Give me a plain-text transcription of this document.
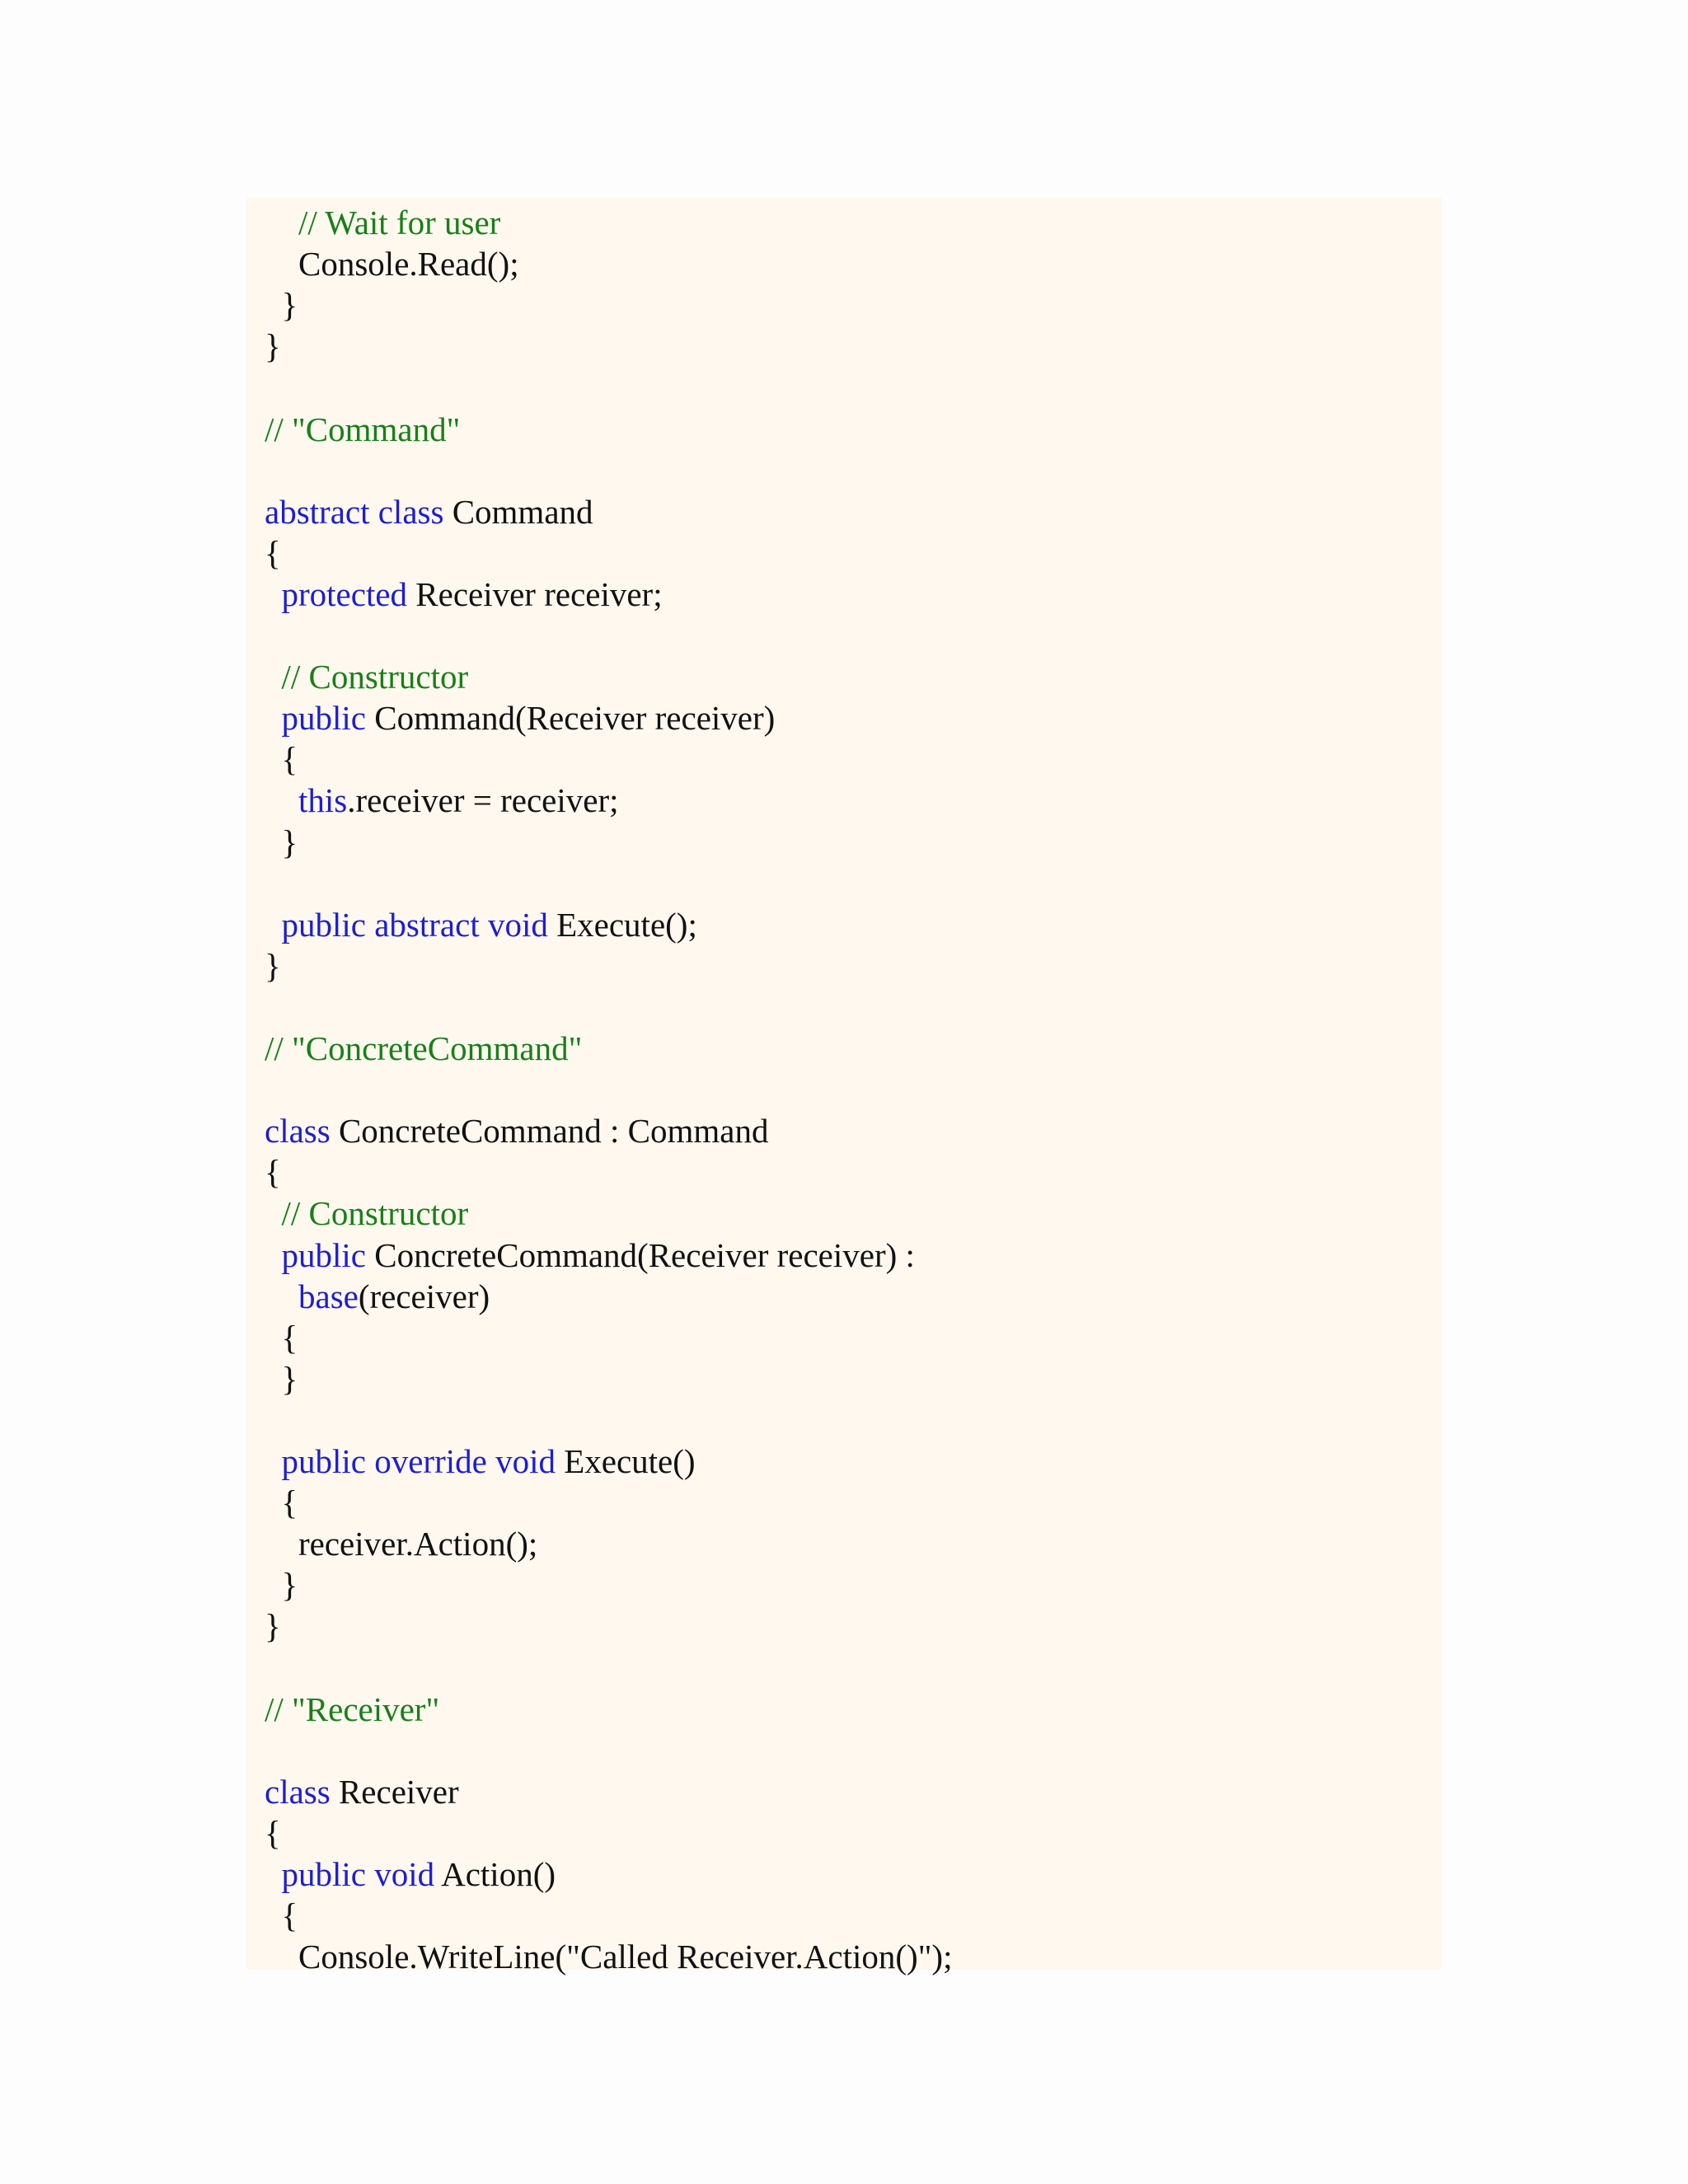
// Wait for user
Console.Read();
}
}
// "Command"
abstract class Command
{
protected Receiver receiver;
// Constructor
public Command(Receiver receiver)
{
this.receiver = receiver;
}
public abstract void Execute();
}
// "ConcreteCommand"
class ConcreteCommand : Command
{
// Constructor
public ConcreteCommand(Receiver receiver) :
base(receiver)
{
}
public override void Execute()
{
receiver.Action();
}
}
// "Receiver"
class Receiver
{
public void Action()
{
Console.WriteLine("Called Receiver.Action()");
